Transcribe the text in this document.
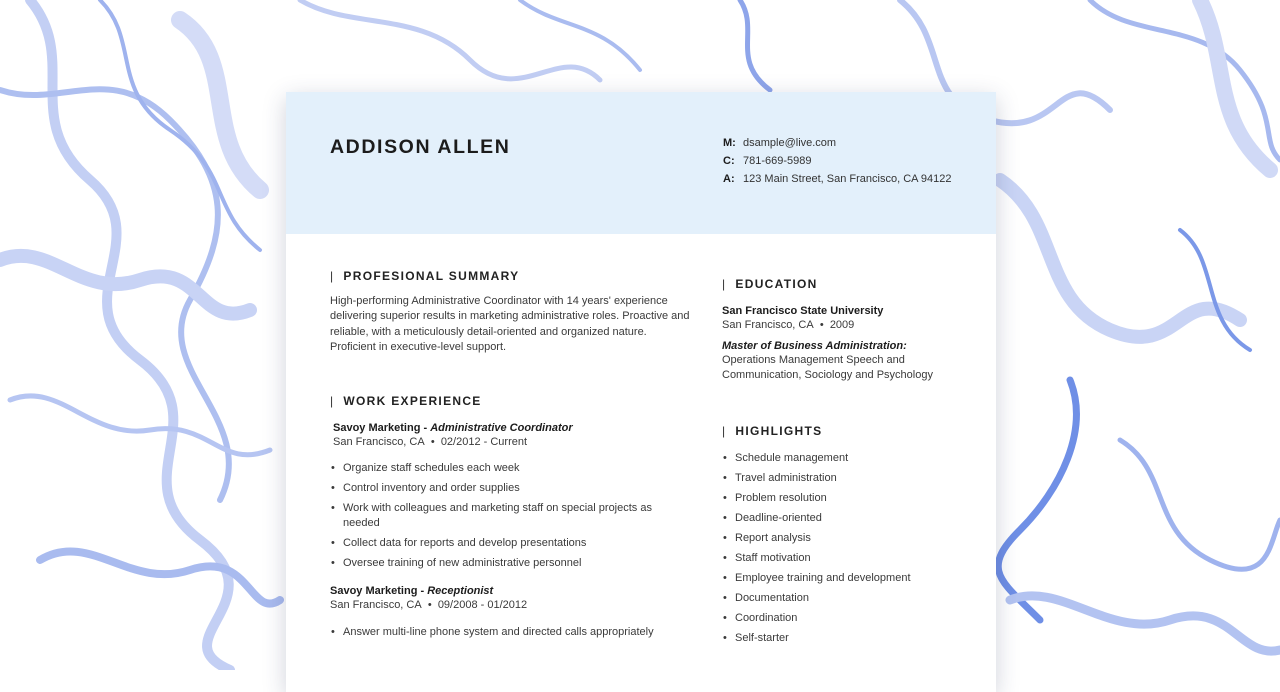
ADDISON ALLEN	M: dsample@live.com
C: 781-669-5989
A: 123 Main Street, San Francisco, CA 94122
| PROFESIONAL SUMMARY
High-performing Administrative Coordinator with 14 years' experience delivering superior results in marketing administrative roles. Proactive and reliable, with a meticulously detail-oriented and organized nature. Proficient in executive-level support.
| WORK EXPERIENCE
Savoy Marketing - Administrative Coordinator
San Francisco, CA • 02/2012 - Current
• Organize staff schedules each week
• Control inventory and order supplies
• Work with colleagues and marketing staff on special projects as needed
• Collect data for reports and develop presentations
• Oversee training of new administrative personnel
Savoy Marketing - Receptionist
San Francisco, CA • 09/2008 - 01/2012
• Answer multi-line phone system and directed calls appropriately
| EDUCATION
San Francisco State University
San Francisco, CA • 2009
Master of Business Administration:
Operations Management Speech and Communication, Sociology and Psychology
| HIGHLIGHTS
• Schedule management
• Travel administration
• Problem resolution
• Deadline-oriented
• Report analysis
• Staff motivation
• Employee training and development
• Documentation
• Coordination
• Self-starter
